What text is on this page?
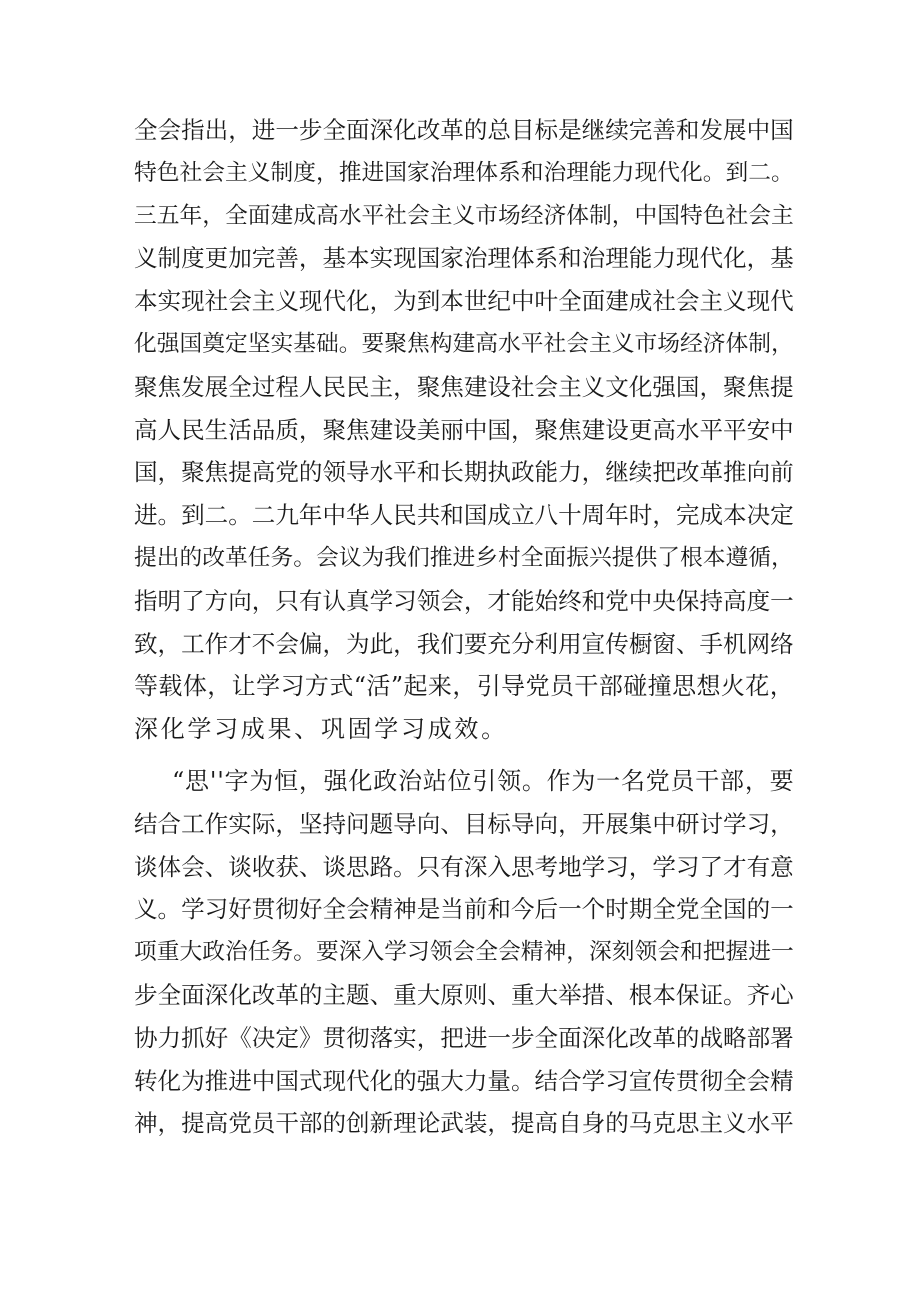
全会指出，进一步全面深化改革的总目标是继续完善和发展中国
特色社会主义制度，推进国家治理体系和治理能力现代化。到二。
三五年，全面建成高水平社会主义市场经济体制，中国特色社会主
义制度更加完善，基本实现国家治理体系和治理能力现代化，基
本实现社会主义现代化，为到本世纪中叶全面建成社会主义现代
化强国奠定坚实基础。要聚焦构建高水平社会主义市场经济体制，
聚焦发展全过程人民民主，聚焦建设社会主义文化强国，聚焦提
高人民生活品质，聚焦建设美丽中国，聚焦建设更高水平平安中
国，聚焦提高党的领导水平和长期执政能力，继续把改革推向前
进。到二。二九年中华人民共和国成立八十周年时，完成本决定
提出的改革任务。会议为我们推进乡村全面振兴提供了根本遵循，
指明了方向，只有认真学习领会，才能始终和党中央保持高度一
致，工作才不会偏，为此，我们要充分利用宣传橱窗、手机网络
等载体，让学习方式“活”起来，引导党员干部碰撞思想火花，
深化学习成果、巩固学习成效。
“思''字为恒，强化政治站位引领。作为一名党员干部，要
结合工作实际，坚持问题导向、目标导向，开展集中研讨学习，
谈体会、谈收获、谈思路。只有深入思考地学习，学习了才有意
义。学习好贯彻好全会精神是当前和今后一个时期全党全国的一
项重大政治任务。要深入学习领会全会精神，深刻领会和把握进一
步全面深化改革的主题、重大原则、重大举措、根本保证。齐心
协力抓好《决定》贯彻落实，把进一步全面深化改革的战略部署
转化为推进中国式现代化的强大力量。结合学习宣传贯彻全会精
神，提高党员干部的创新理论武装，提高自身的马克思主义水平
